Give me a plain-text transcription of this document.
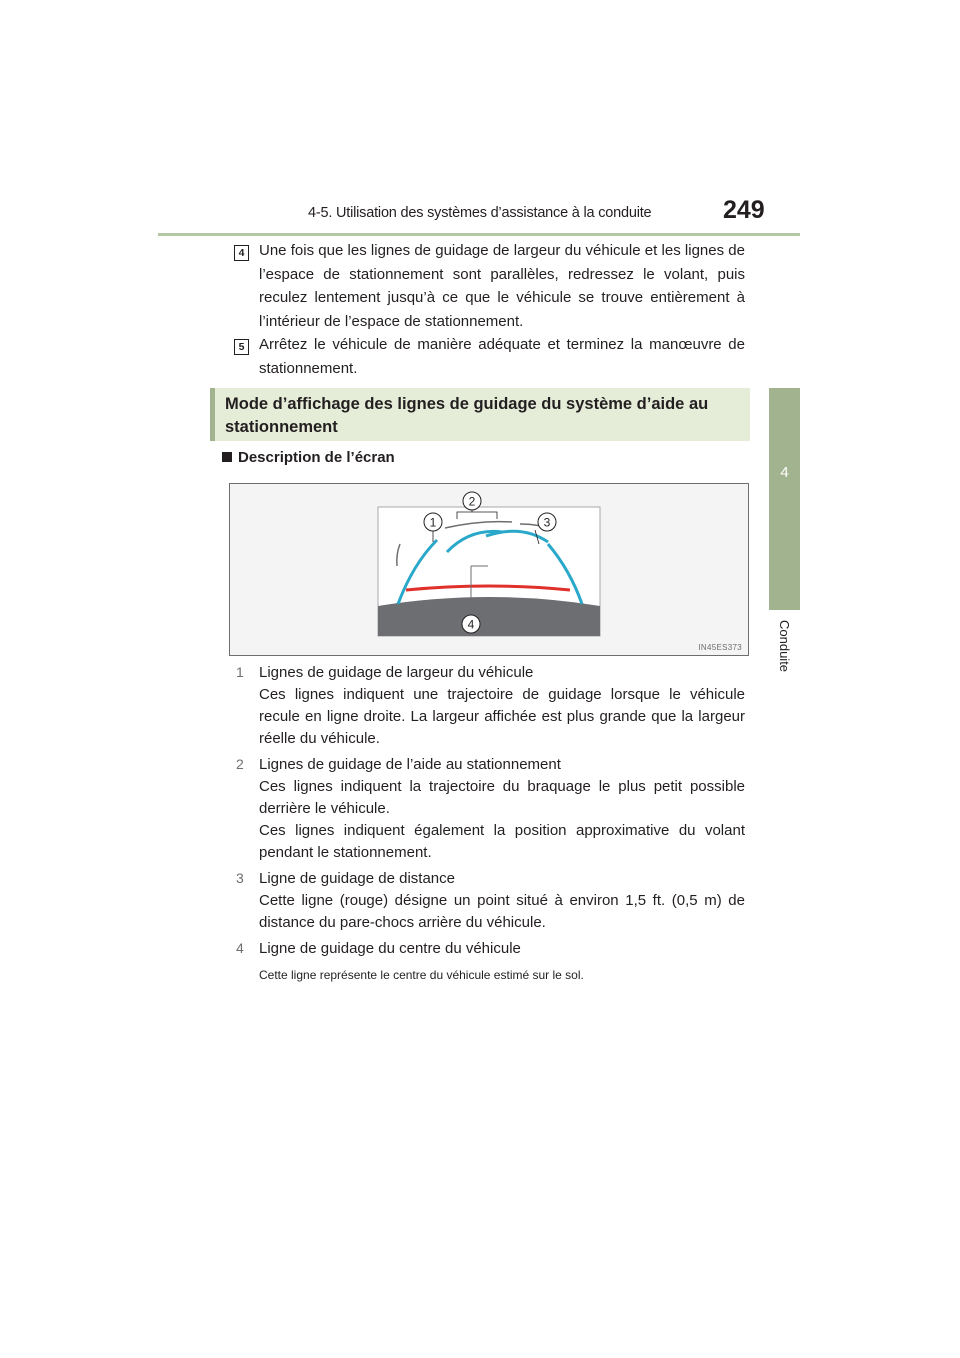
4-5. Utilisation des systèmes d’assistance à la conduite	249
4
Conduite
4 Une fois que les lignes de guidage de largeur du véhicule et les lignes de l’espace de stationnement sont parallèles, redressez le volant, puis reculez lentement jusqu’à ce que le véhicule se trouve entièrement à l’intérieur de l’espace de stationnement.

5 Arrêtez le véhicule de manière adéquate et terminez la manœuvre de stationnement.

Mode d’affichage des lignes de guidage du système d’aide au stationnement
Description de l’écran
1
2
3
4
IN45ES373
1 Lignes de guidage de largeur du véhicule
Ces lignes indiquent une trajectoire de guidage lorsque le véhicule recule en ligne droite. La largeur affichée est plus grande que la largeur réelle du véhicule.
2 Lignes de guidage de l’aide au stationnement
Ces lignes indiquent la trajectoire du braquage le plus petit possible derrière le véhicule.
Ces lignes indiquent également la position approximative du volant pendant le stationnement.
3 Ligne de guidage de distance
Cette ligne (rouge) désigne un point situé à environ 1,5 ft. (0,5 m) de distance du pare-chocs arrière du véhicule.
4 Ligne de guidage du centre du véhicule
Cette ligne représente le centre du véhicule estimé sur le sol.
